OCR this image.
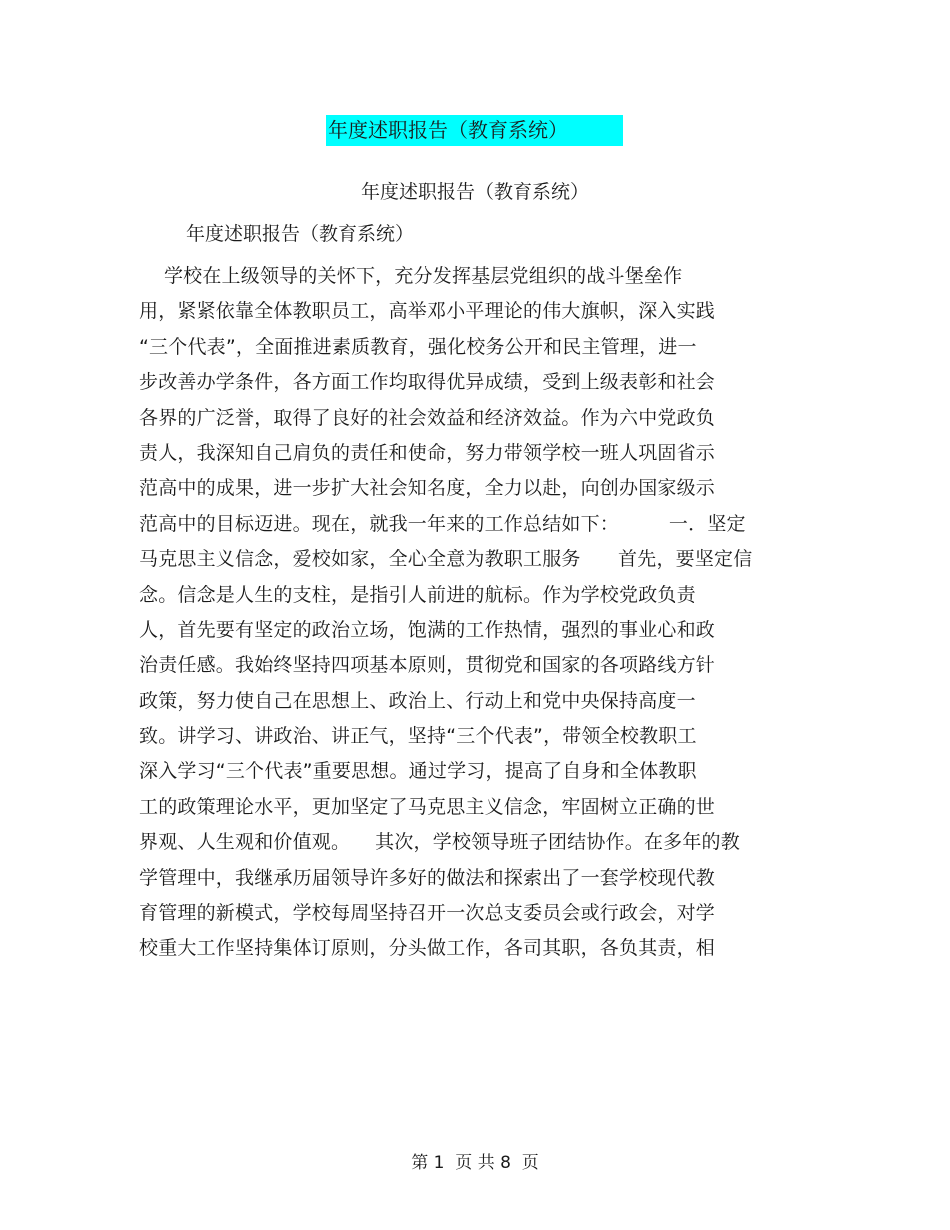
年度述职报告（教育系统）
年度述职报告（教育系统）
年度述职报告（教育系统）
学校在上级领导的关怀下，充分发挥基层党组织的战斗堡垒作
用，紧紧依靠全体教职员工，高举邓小平理论的伟大旗帜，深入实践
“三个代表”，全面推进素质教育，强化校务公开和民主管理，进一
步改善办学条件，各方面工作均取得优异成绩，受到上级表彰和社会
各界的广泛誉，取得了良好的社会效益和经济效益。作为六中党政负
责人，我深知自己肩负的责任和使命，努力带领学校一班人巩固省示
范高中的成果，进一步扩大社会知名度，全力以赴，向创办国家级示
范高中的目标迈进。现在，就我一年来的工作总结如下：        一．坚定
马克思主义信念，爱校如家，全心全意为教职工服务      首先，要坚定信
念。信念是人生的支柱，是指引人前进的航标。作为学校党政负责
人，首先要有坚定的政治立场，饱满的工作热情，强烈的事业心和政
治责任感。我始终坚持四项基本原则，贯彻党和国家的各项路线方针
政策，努力使自己在思想上、政治上、行动上和党中央保持高度一
致。讲学习、讲政治、讲正气，坚持“三个代表”，带领全校教职工
深入学习“三个代表”重要思想。通过学习，提高了自身和全体教职
工的政策理论水平，更加坚定了马克思主义信念，牢固树立正确的世
界观、人生观和价值观。    其次，学校领导班子团结协作。在多年的教
学管理中，我继承历届领导许多好的做法和探索出了一套学校现代教
育管理的新模式，学校每周坚持召开一次总支委员会或行政会，对学
校重大工作坚持集体订原则，分头做工作，各司其职，各负其责，相
第 1  页 共 8  页
